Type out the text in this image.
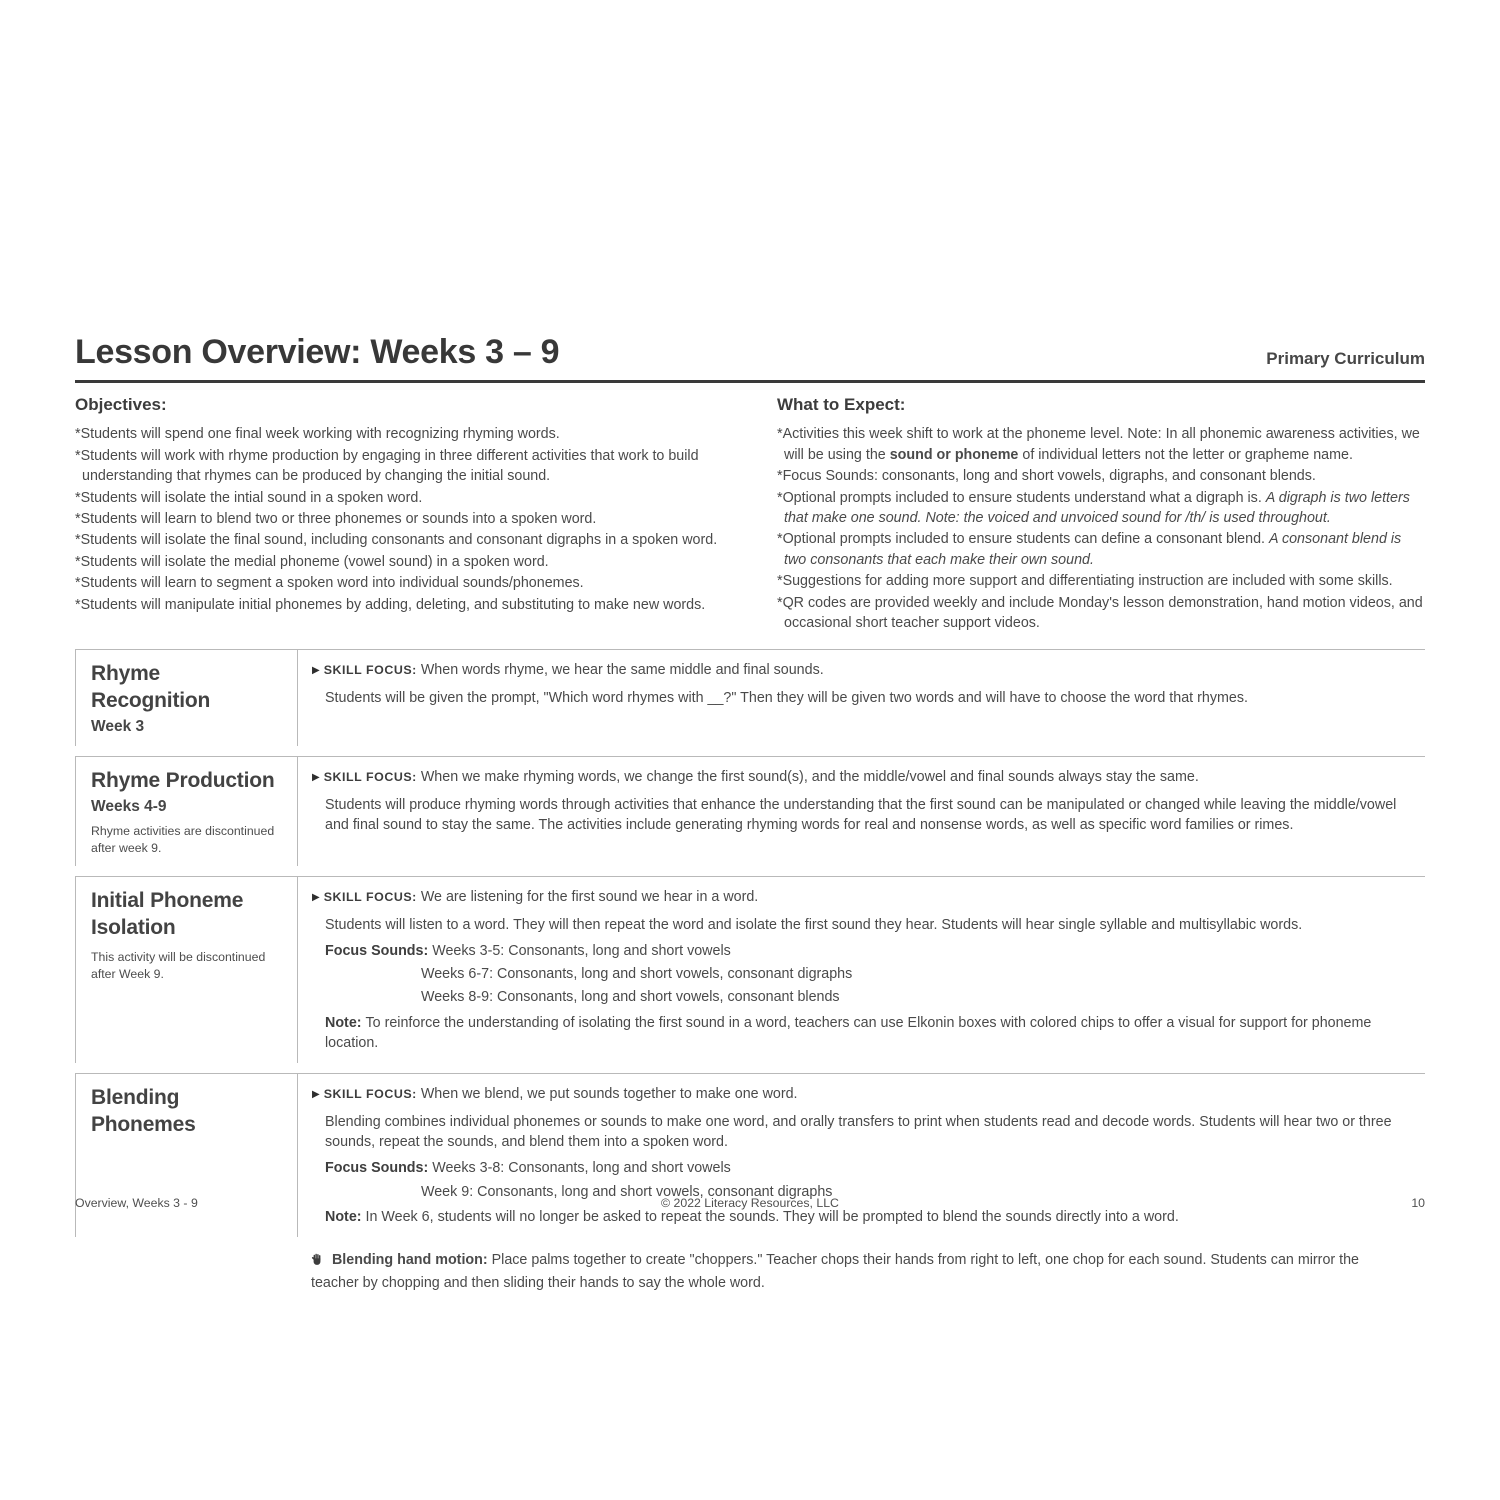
Lesson Overview: Weeks 3 – 9	Primary Curriculum
Objectives:
*Students will spend one final week working with recognizing rhyming words.
*Students will work with rhyme production by engaging in three different activities that work to build understanding that rhymes can be produced by changing the initial sound.
*Students will isolate the intial sound in a spoken word.
*Students will learn to blend two or three phonemes or sounds into a spoken word.
*Students will isolate the final sound, including consonants and consonant digraphs in a spoken word.
*Students will isolate the medial phoneme (vowel sound) in a spoken word.
*Students will learn to segment a spoken word into individual sounds/phonemes.
*Students will manipulate initial phonemes by adding, deleting, and substituting to make new words.
What to Expect:
*Activities this week shift to work at the phoneme level. Note: In all phonemic awareness activities, we will be using the sound or phoneme of individual letters not the letter or grapheme name.
*Focus Sounds: consonants, long and short vowels, digraphs, and consonant blends.
*Optional prompts included to ensure students understand what a digraph is. A digraph is two letters that make one sound. Note: the voiced and unvoiced sound for /th/ is used throughout.
*Optional prompts included to ensure students can define a consonant blend. A consonant blend is two consonants that each make their own sound.
*Suggestions for adding more support and differentiating instruction are included with some skills.
*QR codes are provided weekly and include Monday's lesson demonstration, hand motion videos, and occasional short teacher support videos.
Rhyme Recognition
Week 3
▶ SKILL FOCUS: When words rhyme, we hear the same middle and final sounds.
Students will be given the prompt, "Which word rhymes with __?" Then they will be given two words and will have to choose the word that rhymes.
Rhyme Production
Weeks 4-9
Rhyme activities are discontinued after week 9.
▶ SKILL FOCUS: When we make rhyming words, we change the first sound(s), and the middle/vowel and final sounds always stay the same.
Students will produce rhyming words through activities that enhance the understanding that the first sound can be manipulated or changed while leaving the middle/vowel and final sound to stay the same. The activities include generating rhyming words for real and nonsense words, as well as specific word families or rimes.
Initial Phoneme Isolation
This activity will be discontinued after Week 9.
▶ SKILL FOCUS: We are listening for the first sound we hear in a word.
Students will listen to a word. They will then repeat the word and isolate the first sound they hear. Students will hear single syllable and multisyllabic words.
Focus Sounds: Weeks 3-5: Consonants, long and short vowels
Weeks 6-7: Consonants, long and short vowels, consonant digraphs
Weeks 8-9: Consonants, long and short vowels, consonant blends
Note: To reinforce the understanding of isolating the first sound in a word, teachers can use Elkonin boxes with colored chips to offer a visual for support for phoneme location.
Blending Phonemes
▶ SKILL FOCUS: When we blend, we put sounds together to make one word.
Blending combines individual phonemes or sounds to make one word, and orally transfers to print when students read and decode words. Students will hear two or three sounds, repeat the sounds, and blend them into a spoken word.
Focus Sounds: Weeks 3-8: Consonants, long and short vowels
Week 9: Consonants, long and short vowels, consonant digraphs
Note: In Week 6, students will no longer be asked to repeat the sounds. They will be prompted to blend the sounds directly into a word.
Blending hand motion: Place palms together to create "choppers." Teacher chops their hands from right to left, one chop for each sound. Students can mirror the teacher by chopping and then sliding their hands to say the whole word.
Overview, Weeks 3 - 9	© 2022 Literacy Resources, LLC	10
